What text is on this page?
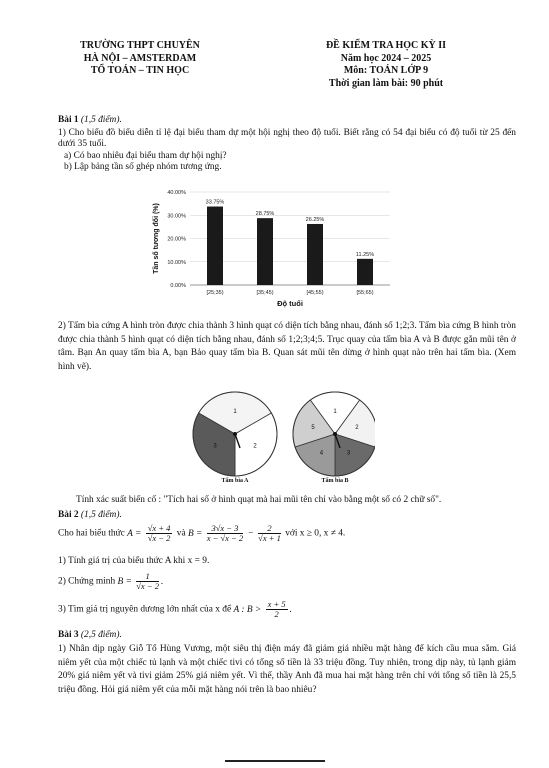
TRƯỜNG THPT CHUYÊN
HÀ NỘI – AMSTERDAM
TỔ TOÁN – TIN HỌC
ĐỀ KIỂM TRA HỌC KỲ II
Năm học 2024 – 2025
Môn: TOÁN LỚP 9
Thời gian làm bài: 90 phút
Bài 1 (1,5 điểm).
1) Cho biểu đồ biểu diễn tỉ lệ đại biểu tham dự một hội nghị theo độ tuổi. Biết rằng có 54 đại biểu có độ tuổi từ 25 đến dưới 35 tuổi.
a) Có bao nhiêu đại biểu tham dự hội nghị?
b) Lập bảng tần số ghép nhóm tương ứng.
0.00%
10.00%
20.00%
30.00%
40.00%
33.75%
[25;35)
28.75%
[35;45)
26.25%
[45;55)
11.25%
[55;65)
Độ tuổi
Tần số tương đối (%)
2) Tấm bìa cứng A hình tròn được chia thành 3 hình quạt có diện tích bằng nhau, đánh số 1;2;3. Tấm bìa cứng B hình tròn được chia thành 5 hình quạt có diện tích bằng nhau, đánh số 1;2;3;4;5. Trục quay của tấm bìa A và B được gắn mũi tên ở tâm. Bạn An quay tấm bìa A, bạn Bảo quay tấm bìa B. Quan sát mũi tên dừng ở hình quạt nào trên hai tấm bìa. (Xem hình vẽ).
1
2
3
1
2
3
4
5
Tấm bìa A	Tấm bìa B
Tính xác suất biến cố : "Tích hai số ở hình quạt mà hai mũi tên chỉ vào bằng một số có 2 chữ số".
Bài 2 (1,5 điểm).
Cho hai biểu thức $A = \frac{√x + 4}{√x - 2}$ và $B = \frac{3√x - 3}{x - √x - 2} - \frac{2}{√x + 1}$ với x ≥ 0, x ≠ 4.
1) Tính giá trị của biểu thức A khi x = 9.
2) Chứng minh $B = \frac{1}{√x - 2}$ .
3) Tìm giá trị nguyên dương lớn nhất của x để A : $B > \frac{x + 5}{2}$ .
Bài 3 (2,5 điểm).
1) Nhân dịp ngày Giỗ Tổ Hùng Vương, một siêu thị điện máy đã giảm giá nhiều mặt hàng để kích cầu mua sắm. Giá niêm yết của một chiếc tủ lạnh và một chiếc tivi có tổng số tiền là 33 triệu đồng. Tuy nhiên, trong dịp này, tủ lạnh giảm 20% giá niêm yết và tivi giảm 25% giá niêm yết. Vì thế, thầy Anh đã mua hai mặt hàng trên chỉ với tổng số tiền là 25,5 triệu đồng. Hỏi giá niêm yết của mỗi mặt hàng nói trên là bao nhiêu?
